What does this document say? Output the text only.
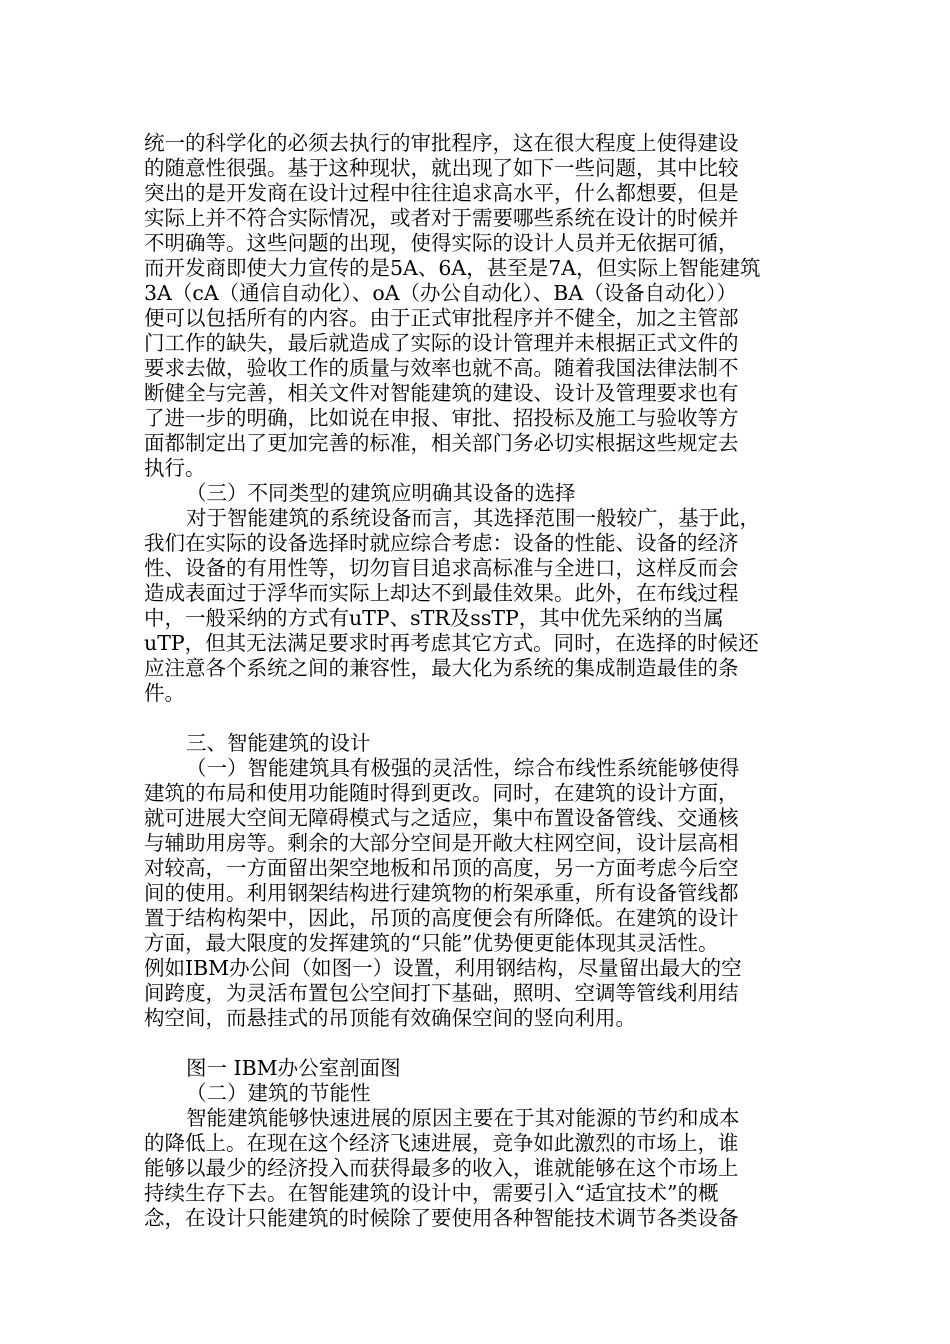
统一的科学化的必须去执行的审批程序，这在很大程度上使得建设
的随意性很强。基于这种现状，就出现了如下一些问题，其中比较
突出的是开发商在设计过程中往往追求高水平，什么都想要，但是
实际上并不符合实际情况，或者对于需要哪些系统在设计的时候并
不明确等。这些问题的出现，使得实际的设计人员并无依据可循，
而开发商即使大力宣传的是5A、6A，甚至是7A，但实际上智能建筑
3A（cA（通信自动化）、oA（办公自动化）、BA（设备自动化））
便可以包括所有的内容。由于正式审批程序并不健全，加之主管部
门工作的缺失，最后就造成了实际的设计管理并未根据正式文件的
要求去做，验收工作的质量与效率也就不高。随着我国法律法制不
断健全与完善，相关文件对智能建筑的建设、设计及管理要求也有
了进一步的明确，比如说在申报、审批、招投标及施工与验收等方
面都制定出了更加完善的标准，相关部门务必切实根据这些规定去
执行。
（三）不同类型的建筑应明确其设备的选择
对于智能建筑的系统设备而言，其选择范围一般较广，基于此，
我们在实际的设备选择时就应综合考虑：设备的性能、设备的经济
性、设备的有用性等，切勿盲目追求高标准与全进口，这样反而会
造成表面过于浮华而实际上却达不到最佳效果。此外，在布线过程
中，一般采纳的方式有uTP、sTR及ssTP，其中优先采纳的当属
uTP，但其无法满足要求时再考虑其它方式。同时，在选择的时候还
应注意各个系统之间的兼容性，最大化为系统的集成制造最佳的条
件。
三、智能建筑的设计
（一）智能建筑具有极强的灵活性，综合布线性系统能够使得
建筑的布局和使用功能随时得到更改。同时，在建筑的设计方面，
就可进展大空间无障碍模式与之适应，集中布置设备管线、交通核
与辅助用房等。剩余的大部分空间是开敞大柱网空间，设计层高相
对较高，一方面留出架空地板和吊顶的高度，另一方面考虑今后空
间的使用。利用钢架结构进行建筑物的桁架承重，所有设备管线都
置于结构构架中，因此，吊顶的高度便会有所降低。在建筑的设计
方面，最大限度的发挥建筑的“只能”优势便更能体现其灵活性。
例如IBM办公间（如图一）设置，利用钢结构，尽量留出最大的空
间跨度，为灵活布置包公空间打下基础，照明、空调等管线利用结
构空间，而悬挂式的吊顶能有效确保空间的竖向利用。
图一 IBM办公室剖面图
（二）建筑的节能性
智能建筑能够快速进展的原因主要在于其对能源的节约和成本
的降低上。在现在这个经济飞速进展，竞争如此激烈的市场上，谁
能够以最少的经济投入而获得最多的收入，谁就能够在这个市场上
持续生存下去。在智能建筑的设计中，需要引入“适宜技术”的概
念，在设计只能建筑的时候除了要使用各种智能技术调节各类设备
